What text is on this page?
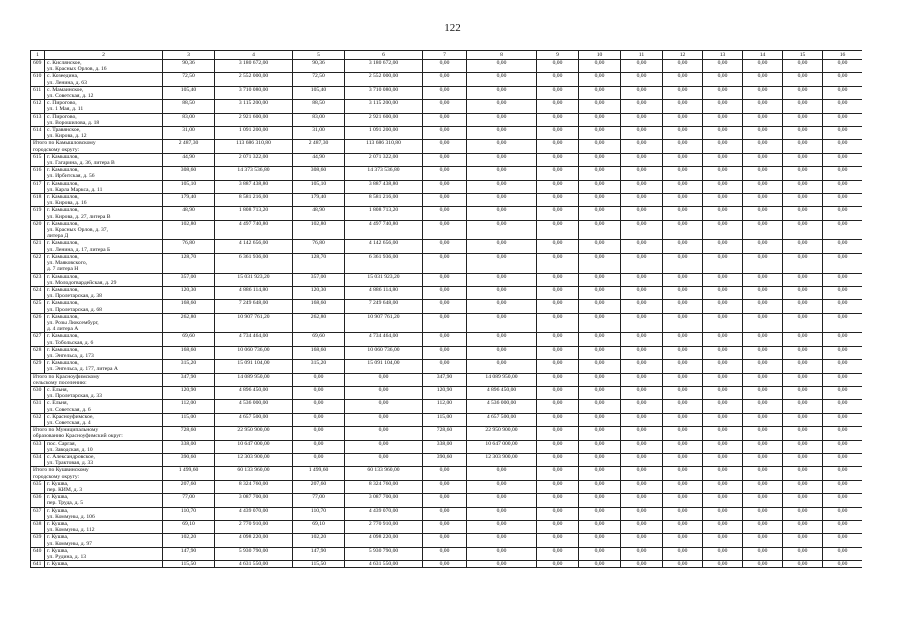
122
1	2	3	4	5	6	7	8	9	10	11	12	13	14	15	16
609	с. Кислянское,
ул. Красных Орлов, д. 16	90,36	3 180 672,00	90,36	3 180 672,00	0,00	0,00	0,00	0,00	0,00	0,00	0,00	0,00	0,00	0,00
610	с. Козеедина,
ул. Ленина, д. 63	72,50	2 552 000,00	72,50	2 552 000,00	0,00	0,00	0,00	0,00	0,00	0,00	0,00	0,00	0,00	0,00
611	с. Мамаинское,
ул. Советская, д. 12	105,40	3 710 080,00	105,40	3 710 080,00	0,00	0,00	0,00	0,00	0,00	0,00	0,00	0,00	0,00	0,00
612	с. Пирогово,
ул. 1 Мая, д. 11	88,50	3 115 200,00	88,50	3 115 200,00	0,00	0,00	0,00	0,00	0,00	0,00	0,00	0,00	0,00	0,00
613	с. Пирогово,
ул. Ворошилова, д. 18	83,00	2 921 600,00	83,00	2 921 600,00	0,00	0,00	0,00	0,00	0,00	0,00	0,00	0,00	0,00	0,00
614	с. Травянское,
ул. Кирова, д. 12	31,00	1 091 200,00	31,00	1 091 200,00	0,00	0,00	0,00	0,00	0,00	0,00	0,00	0,00	0,00	0,00

Итого по Камышловскому
городскому округу:		2 487,30	113 686 310,80	2 487,30	113 686 310,80	0,00	0,00	0,00	0,00	0,00	0,00	0,00	0,00	0,00	0,00
615	г. Камышлов,
ул. Гагарина, д. 36, литера В	44,90	2 071 322,00	44,90	2 071 322,00	0,00	0,00	0,00	0,00	0,00	0,00	0,00	0,00	0,00	0,00
616	г. Камышлов,
ул. Ирбитская, д. 56	308,60	14 373 536,80	308,60	14 373 536,80	0,00	0,00	0,00	0,00	0,00	0,00	0,00	0,00	0,00	0,00
617	г. Камышлов,
ул. Карла Маркса, д. 11	105,10	3 887 438,80	105,10	3 887 438,80	0,00	0,00	0,00	0,00	0,00	0,00	0,00	0,00	0,00	0,00
618	г. Камышлов,
ул. Кирова, д. 16	179,40	8 581 216,00	179,40	8 581 216,00	0,00	0,00	0,00	0,00	0,00	0,00	0,00	0,00	0,00	0,00
619	г. Камышлов,
ул. Кирова, д. 27, литера В	48,90	1 808 713,20	48,90	1 808 713,20	0,00	0,00	0,00	0,00	0,00	0,00	0,00	0,00	0,00	0,00
620	г. Камышлов,
ул. Красных Орлов, д. 37,
литера Д	102,80	4 497 740,80	102,80	4 497 740,80	0,00	0,00	0,00	0,00	0,00	0,00	0,00	0,00	0,00	0,00
621	г. Камышлов,
ул. Ленина, д. 17, литера Б	76,80	4 142 656,00	76,80	4 142 656,00	0,00	0,00	0,00	0,00	0,00	0,00	0,00	0,00	0,00	0,00
622	г. Камышлов,
ул. Маяковского,
д. 7 литера Н	128,70	6 361 936,00	128,70	6 361 936,00	0,00	0,00	0,00	0,00	0,00	0,00	0,00	0,00	0,00	0,00
623	г. Камышлов,
ул. Молодогвардейская, д. 29	357,00	15 031 923,20	357,00	15 031 923,20	0,00	0,00	0,00	0,00	0,00	0,00	0,00	0,00	0,00	0,00
624	г. Камышлов,
ул. Пролетарская, д. 38	120,30	4 886 114,80	120,30	4 886 114,80	0,00	0,00	0,00	0,00	0,00	0,00	0,00	0,00	0,00	0,00
625	г. Камышлов,
ул. Пролетарская, д. 68	168,60	7 249 648,00	168,60	7 249 648,00	0,00	0,00	0,00	0,00	0,00	0,00	0,00	0,00	0,00	0,00
626	г. Камышлов,
ул. Розы Люксембург,
д. 4 литера А	262,80	10 907 761,20	262,80	10 907 761,20	0,00	0,00	0,00	0,00	0,00	0,00	0,00	0,00	0,00	0,00
627	г. Камышлов,
ул. Тобольская, д. 6	69,60	4 734 464,00	69,60	4 734 464,00	0,00	0,00	0,00	0,00	0,00	0,00	0,00	0,00	0,00	0,00
628	г. Камышлов,
ул. Энгельса, д. 173	168,60	10 060 736,00	168,60	10 060 736,00	0,00	0,00	0,00	0,00	0,00	0,00	0,00	0,00	0,00	0,00
629	г. Камышлов,
ул. Энгельса, д. 177, литера А	315,20	15 091 104,00	315,20	15 091 104,00	0,00	0,00	0,00	0,00	0,00	0,00	0,00	0,00	0,00	0,00

Итого по Красноуфимскому
сельскому поселению:		347,90	14 089 950,00	0,00	0,00	347,90	14 089 950,00	0,00	0,00	0,00	0,00	0,00	0,00	0,00	0,00
630	с. Ельня,
ул. Пролетарская, д. 33	120,90	4 896 450,00	0,00	0,00	120,90	4 896 450,00	0,00	0,00	0,00	0,00	0,00	0,00	0,00	0,00
631	с. Ельня,
ул. Советская, д. 6	112,00	4 536 000,00	0,00	0,00	112,00	4 536 000,00	0,00	0,00	0,00	0,00	0,00	0,00	0,00	0,00
632	с. Красноуфимское,
ул. Советская, д. 4	115,00	4 657 500,00	0,00	0,00	115,00	4 657 500,00	0,00	0,00	0,00	0,00	0,00	0,00	0,00	0,00

Итого по Муниципальному
образованию Красноуфимский округ:		728,60	22 950 900,00	0,00	0,00	728,60	22 950 900,00	0,00	0,00	0,00	0,00	0,00	0,00	0,00	0,00
633	пос. Саргая,
ул. Заводская, д. 10	338,00	10 647 000,00	0,00	0,00	338,00	10 647 000,00	0,00	0,00	0,00	0,00	0,00	0,00	0,00	0,00
634	с. Александровское,
ул. Трактовая, д. 33	390,60	12 303 900,00	0,00	0,00	390,60	12 303 900,00	0,00	0,00	0,00	0,00	0,00	0,00	0,00	0,00

Итого по Кушвинскому
городскому округу:		1 499,60	60 133 960,00	1 499,60	60 133 960,00	0,00	0,00	0,00	0,00	0,00	0,00	0,00	0,00	0,00	0,00
635	г. Кушва,
пер. КИМ, д. 3	207,60	8 324 760,00	207,60	8 324 760,00	0,00	0,00	0,00	0,00	0,00	0,00	0,00	0,00	0,00	0,00
636	г. Кушва,
пер. Труда, д. 5	77,00	3 087 700,00	77,00	3 087 700,00	0,00	0,00	0,00	0,00	0,00	0,00	0,00	0,00	0,00	0,00
637	г. Кушва,
ул. Коммуны, д. 106	110,70	4 439 070,00	110,70	4 439 070,00	0,00	0,00	0,00	0,00	0,00	0,00	0,00	0,00	0,00	0,00
638	г. Кушва,
ул. Коммуны, д. 112	69,10	2 770 910,00	69,10	2 770 910,00	0,00	0,00	0,00	0,00	0,00	0,00	0,00	0,00	0,00	0,00
639	г. Кушва,
ул. Коммуны, д. 97	102,20	4 098 220,00	102,20	4 098 220,00	0,00	0,00	0,00	0,00	0,00	0,00	0,00	0,00	0,00	0,00
640	г. Кушва,
ул. Рудина, д. 13	147,90	5 930 790,00	147,90	5 930 790,00	0,00	0,00	0,00	0,00	0,00	0,00	0,00	0,00	0,00	0,00
641	г. Кушва,	115,50	4 631 550,00	115,50	4 631 550,00	0,00	0,00	0,00	0,00	0,00	0,00	0,00	0,00	0,00	0,00
